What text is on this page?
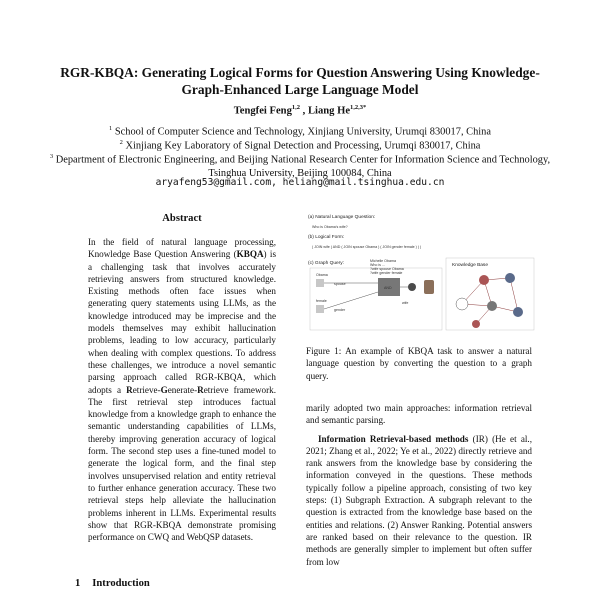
RGR-KBQA: Generating Logical Forms for Question Answering Using Knowledge-Graph-Enhanced Large Language Model
Tengfei Feng$^{1,2}$ , Liang $He^{1,2,3*}$
$^1$ School of Computer Science and Technology, Xinjiang University, Urumqi 830017, China
$^2$ Xinjiang Key Laboratory of Signal Detection and Processing, Urumqi 830017, China
$^3$ Department of Electronic Engineering, and Beijing National Research Center for Information Science and Technology, Tsinghua University, Beijing 100084, China
aryafeng53@gmail.com, heliang@mail.tsinghua.edu.cn
Abstract
In the field of natural language processing, Knowledge Base Question Answering (KBQA) is a challenging task that involves accurately retrieving answers from structured knowledge. Existing methods often face issues when generating query statements using LLMs, as the knowledge introduced may be imprecise and the models themselves may exhibit hallucination problems, leading to low accuracy, particularly when dealing with complex questions. To address these challenges, we introduce a novel semantic parsing approach called RGR-KBQA, which adopts a Retrieve-Generate-Retrieve framework. The first retrieval step introduces factual knowledge from a knowledge graph to enhance the semantic understanding capabilities of LLMs, thereby improving generation accuracy of logical form. The second step uses a fine-tuned model to generate the logical form, and the final step involves unsupervised relation and entity retrieval to further enhance generation accuracy. These two retrieval steps help alleviate the hallucination problems inherent in LLMs. Experimental results show that RGR-KBQA demonstrate promising performance on CWQ and WebQSP datasets.
1 Introduction
(a) Natural Language Question:
Who is Obama's wife?
(b) Logical Form:
( JOIN wife ( AND ( JOIN spouse Obama ) ( JOIN gender female ) ) )
(c) Graph Query:
Obama
spouse
female
gender
AND
wife
Michelle Obama
Who is ...
?wife spouse Obama
?wife gender female
Knowledge Base
Figure 1: An example of KBQA task to answer a natural language question by converting the question to a graph query.

marily adopted two main approaches: information retrieval and semantic parsing.

Information Retrieval-based methods (IR) (He et al., 2021; Zhang et al., 2022; Ye et al., 2022) directly retrieve and rank answers from the knowledge base by considering the information conveyed in the questions. These methods typically follow a pipeline approach, consisting of two key steps: (1) Subgraph Extraction. A subgraph relevant to the question is extracted from the knowledge base based on the entities and relations. (2) Answer Ranking. Potential answers are ranked based on their relevance to the question. IR methods are generally simpler to implement but often suffer from low
